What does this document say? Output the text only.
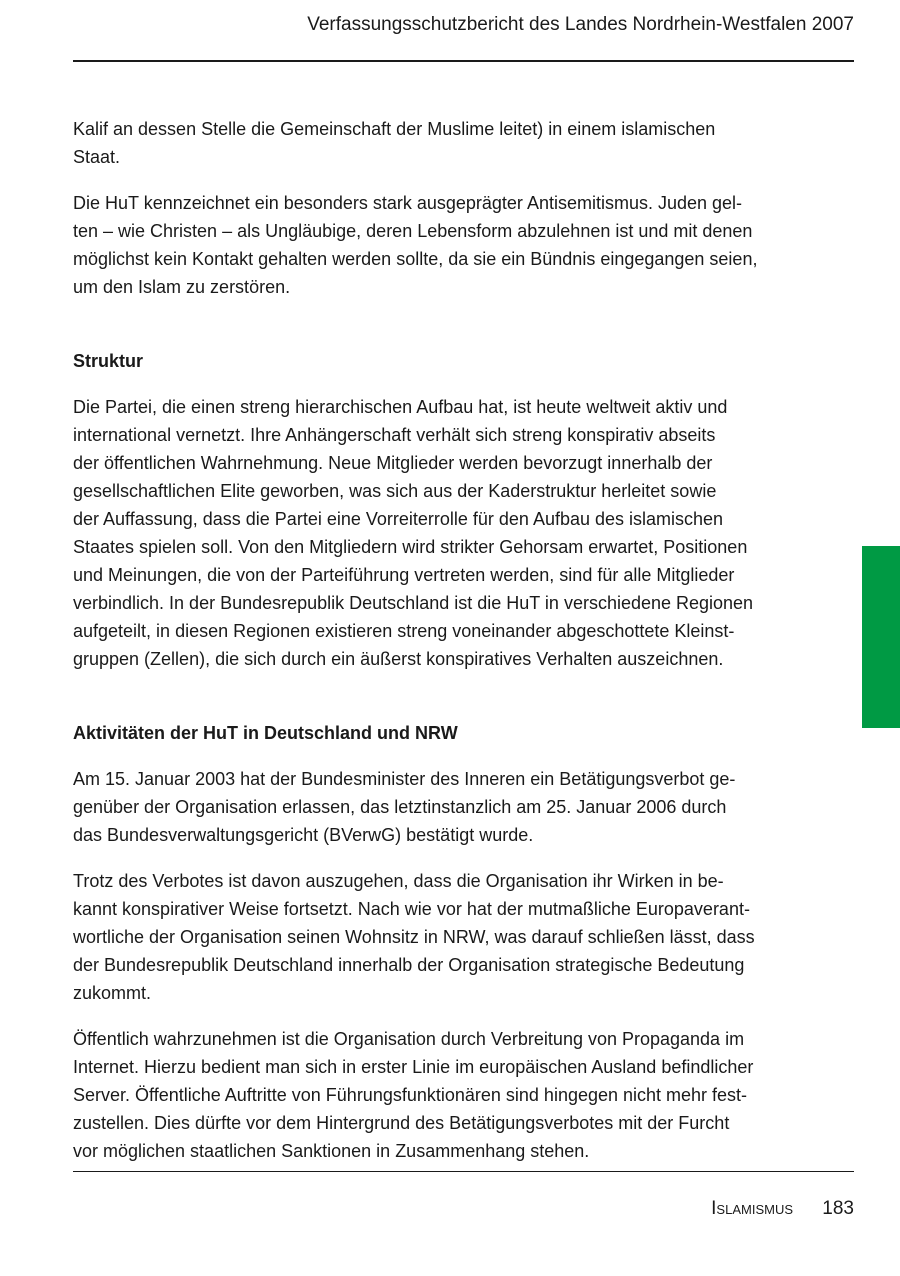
Verfassungsschutzbericht des Landes Nordrhein-Westfalen 2007

Kalif an dessen Stelle die Gemeinschaft der Muslime leitet) in einem islamischen
Staat.

Die HuT kennzeichnet ein besonders stark ausgeprägter Antisemitismus. Juden gel-
ten – wie Christen – als Ungläubige, deren Lebensform abzulehnen ist und mit denen
möglichst kein Kontakt gehalten werden sollte, da sie ein Bündnis eingegangen seien,
um den Islam zu zerstören.

Struktur

Die Partei, die einen streng hierarchischen Aufbau hat, ist heute weltweit aktiv und
international vernetzt. Ihre Anhängerschaft verhält sich streng konspirativ abseits
der öffentlichen Wahrnehmung. Neue Mitglieder werden bevorzugt innerhalb der
gesellschaftlichen Elite geworben, was sich aus der Kaderstruktur herleitet sowie
der Auffassung, dass die Partei eine Vorreiterrolle für den Aufbau des islamischen
Staates spielen soll. Von den Mitgliedern wird strikter Gehorsam erwartet, Positionen
und Meinungen, die von der Parteiführung vertreten werden, sind für alle Mitglieder
verbindlich. In der Bundesrepublik Deutschland ist die HuT in verschiedene Regionen
aufgeteilt, in diesen Regionen existieren streng voneinander abgeschottete Kleinst-
gruppen (Zellen), die sich durch ein äußerst konspiratives Verhalten auszeichnen.

Aktivitäten der HuT in Deutschland und NRW

Am 15. Januar 2003 hat der Bundesminister des Inneren ein Betätigungsverbot ge-
genüber der Organisation erlassen, das letztinstanzlich am 25. Januar 2006 durch
das Bundesverwaltungsgericht (BVerwG) bestätigt wurde.

Trotz des Verbotes ist davon auszugehen, dass die Organisation ihr Wirken in be-
kannt konspirativer Weise fortsetzt. Nach wie vor hat der mutmaßliche Europaverant-
wortliche der Organisation seinen Wohnsitz in NRW, was darauf schließen lässt, dass
der Bundesrepublik Deutschland innerhalb der Organisation strategische Bedeutung
zukommt.

Öffentlich wahrzunehmen ist die Organisation durch Verbreitung von Propaganda im
Internet. Hierzu bedient man sich in erster Linie im europäischen Ausland befindlicher
Server. Öffentliche Auftritte von Führungsfunktionären sind hingegen nicht mehr fest-
zustellen. Dies dürfte vor dem Hintergrund des Betätigungsverbotes mit der Furcht
vor möglichen staatlichen Sanktionen in Zusammenhang stehen.

Islamismus 183
